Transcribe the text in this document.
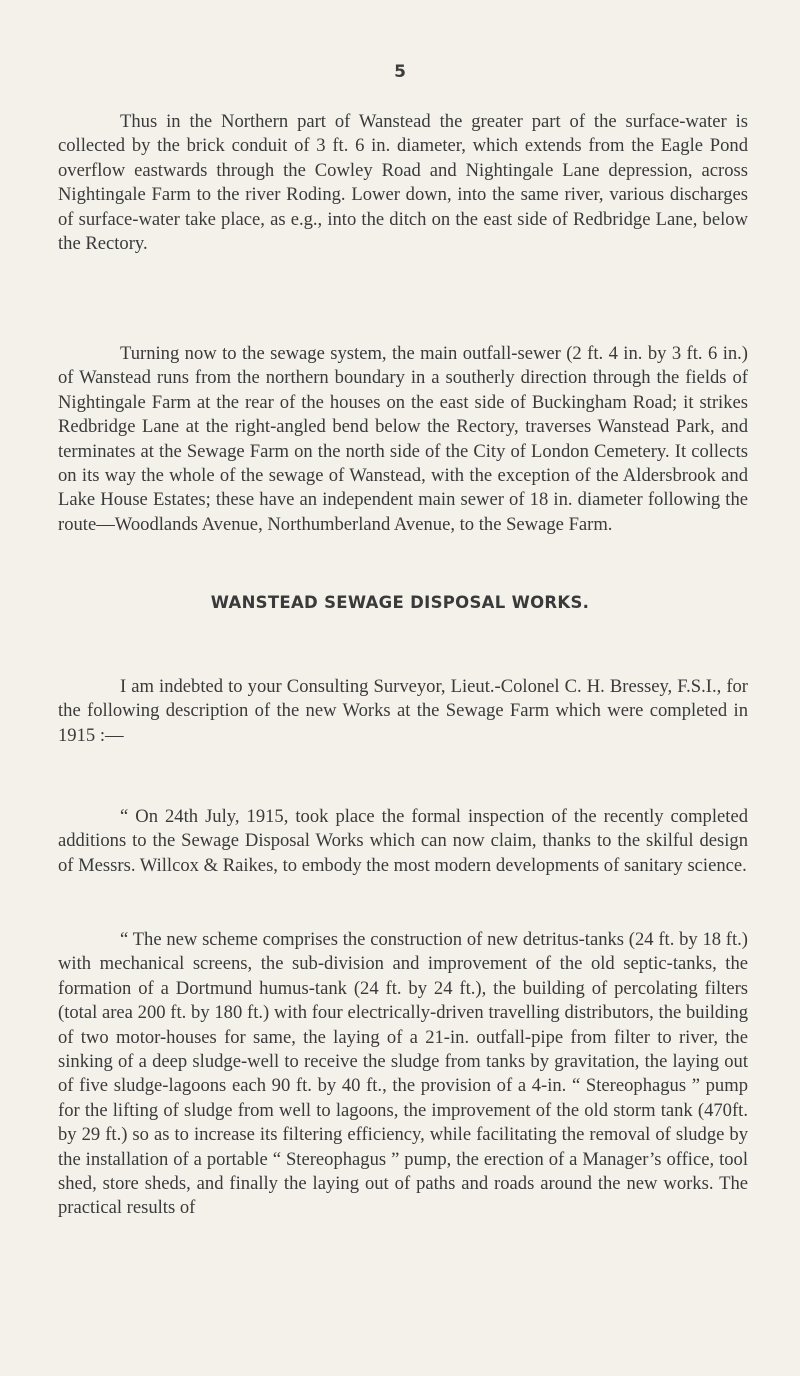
5

Thus in the Northern part of Wanstead the greater part of the surface-water is collected by the brick conduit of 3 ft. 6 in. diameter, which extends from the Eagle Pond overflow eastwards through the Cowley Road and Nightingale Lane depression, across Nightingale Farm to the river Roding. Lower down, into the same river, various discharges of surface-water take place, as e.g., into the ditch on the east side of Redbridge Lane, below the Rectory.

Turning now to the sewage system, the main outfall-sewer (2 ft. 4 in. by 3 ft. 6 in.) of Wanstead runs from the northern boundary in a southerly direction through the fields of Nightingale Farm at the rear of the houses on the east side of Buckingham Road; it strikes Redbridge Lane at the right-angled bend below the Rectory, traverses Wanstead Park, and terminates at the Sewage Farm on the north side of the City of London Cemetery. It collects on its way the whole of the sewage of Wanstead, with the exception of the Aldersbrook and Lake House Estates; these have an independent main sewer of 18 in. diameter following the route—Woodlands Avenue, Northumberland Avenue, to the Sewage Farm.

WANSTEAD SEWAGE DISPOSAL WORKS.

I am indebted to your Consulting Surveyor, Lieut.-Colonel C. H. Bressey, F.S.I., for the following description of the new Works at the Sewage Farm which were completed in 1915 :—

“ On 24th July, 1915, took place the formal inspection of the recently completed additions to the Sewage Disposal Works which can now claim, thanks to the skilful design of Messrs. Willcox & Raikes, to embody the most modern developments of sanitary science.

“ The new scheme comprises the construction of new detritus-tanks (24 ft. by 18 ft.) with mechanical screens, the sub-division and improvement of the old septic-tanks, the formation of a Dortmund humus-tank (24 ft. by 24 ft.), the building of percolating filters (total area 200 ft. by 180 ft.) with four electrically-driven travelling distributors, the building of two motor-houses for same, the laying of a 21-in. outfall-pipe from filter to river, the sinking of a deep sludge-well to receive the sludge from tanks by gravitation, the laying out of five sludge-lagoons each 90 ft. by 40 ft., the provision of a 4-in. “ Stereophagus ” pump for the lifting of sludge from well to lagoons, the improvement of the old storm tank (470ft. by 29 ft.) so as to increase its filtering efficiency, while facilitating the removal of sludge by the installation of a portable “ Stereophagus ” pump, the erection of a Manager’s office, tool shed, store sheds, and finally the laying out of paths and roads around the new works. The practical results of
